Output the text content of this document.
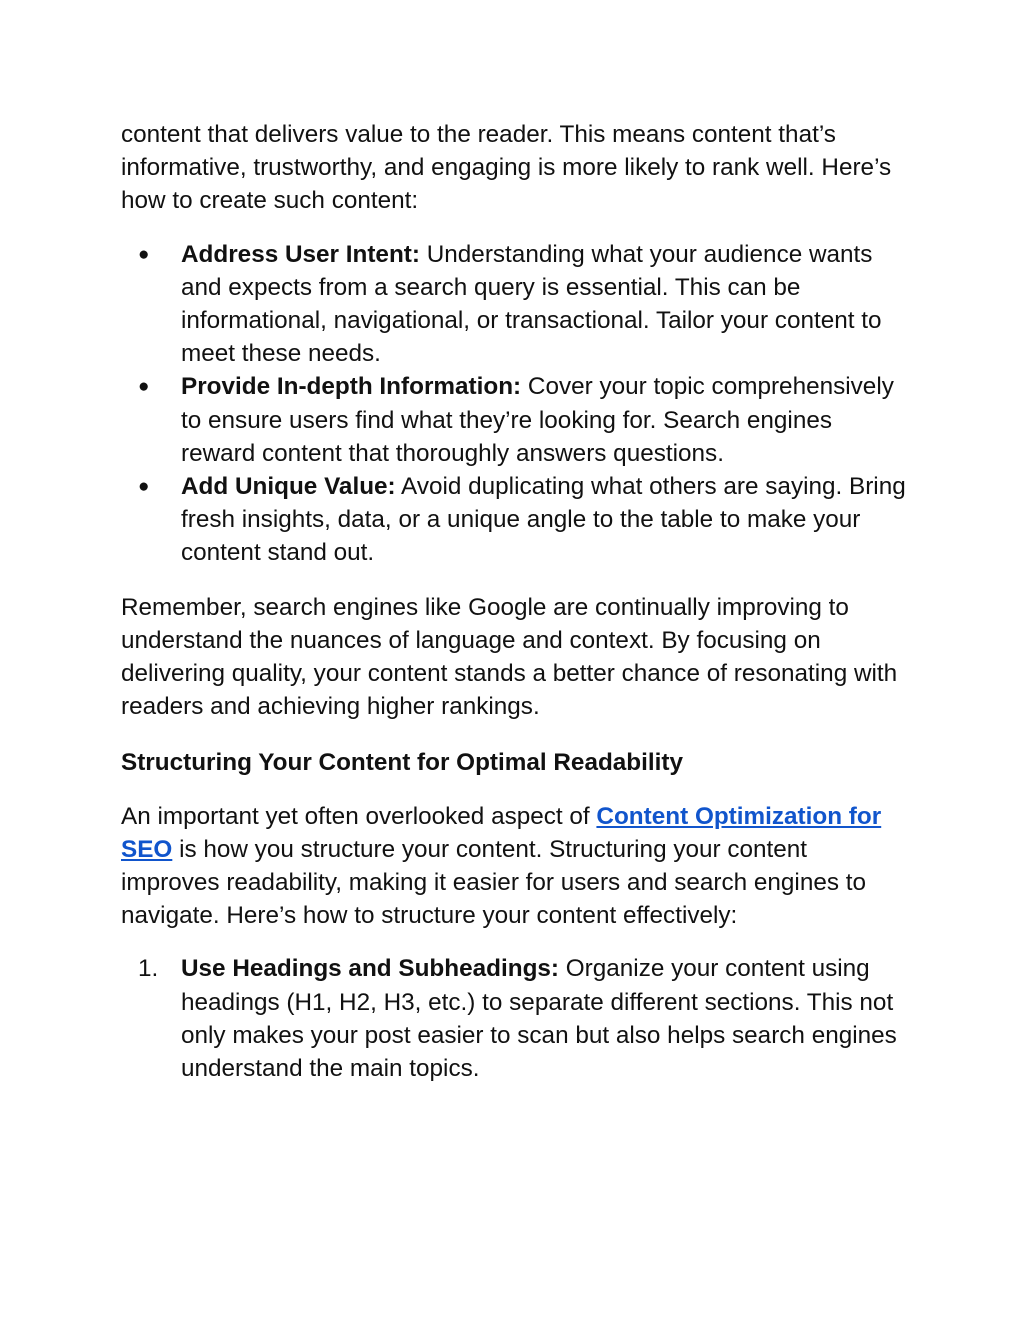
content that delivers value to the reader. This means content that’s informative, trustworthy, and engaging is more likely to rank well. Here’s how to create such content:

● Address User Intent: Understanding what your audience wants and expects from a search query is essential. This can be informational, navigational, or transactional. Tailor your content to meet these needs.
● Provide In-depth Information: Cover your topic comprehensively to ensure users find what they’re looking for. Search engines reward content that thoroughly answers questions.
● Add Unique Value: Avoid duplicating what others are saying. Bring fresh insights, data, or a unique angle to the table to make your content stand out.

Remember, search engines like Google are continually improving to understand the nuances of language and context. By focusing on delivering quality, your content stands a better chance of resonating with readers and achieving higher rankings.

Structuring Your Content for Optimal Readability

An important yet often overlooked aspect of Content Optimization for SEO is how you structure your content. Structuring your content improves readability, making it easier for users and search engines to navigate. Here’s how to structure your content effectively:

1. Use Headings and Subheadings: Organize your content using headings (H1, H2, H3, etc.) to separate different sections. This not only makes your post easier to scan but also helps search engines understand the main topics.
